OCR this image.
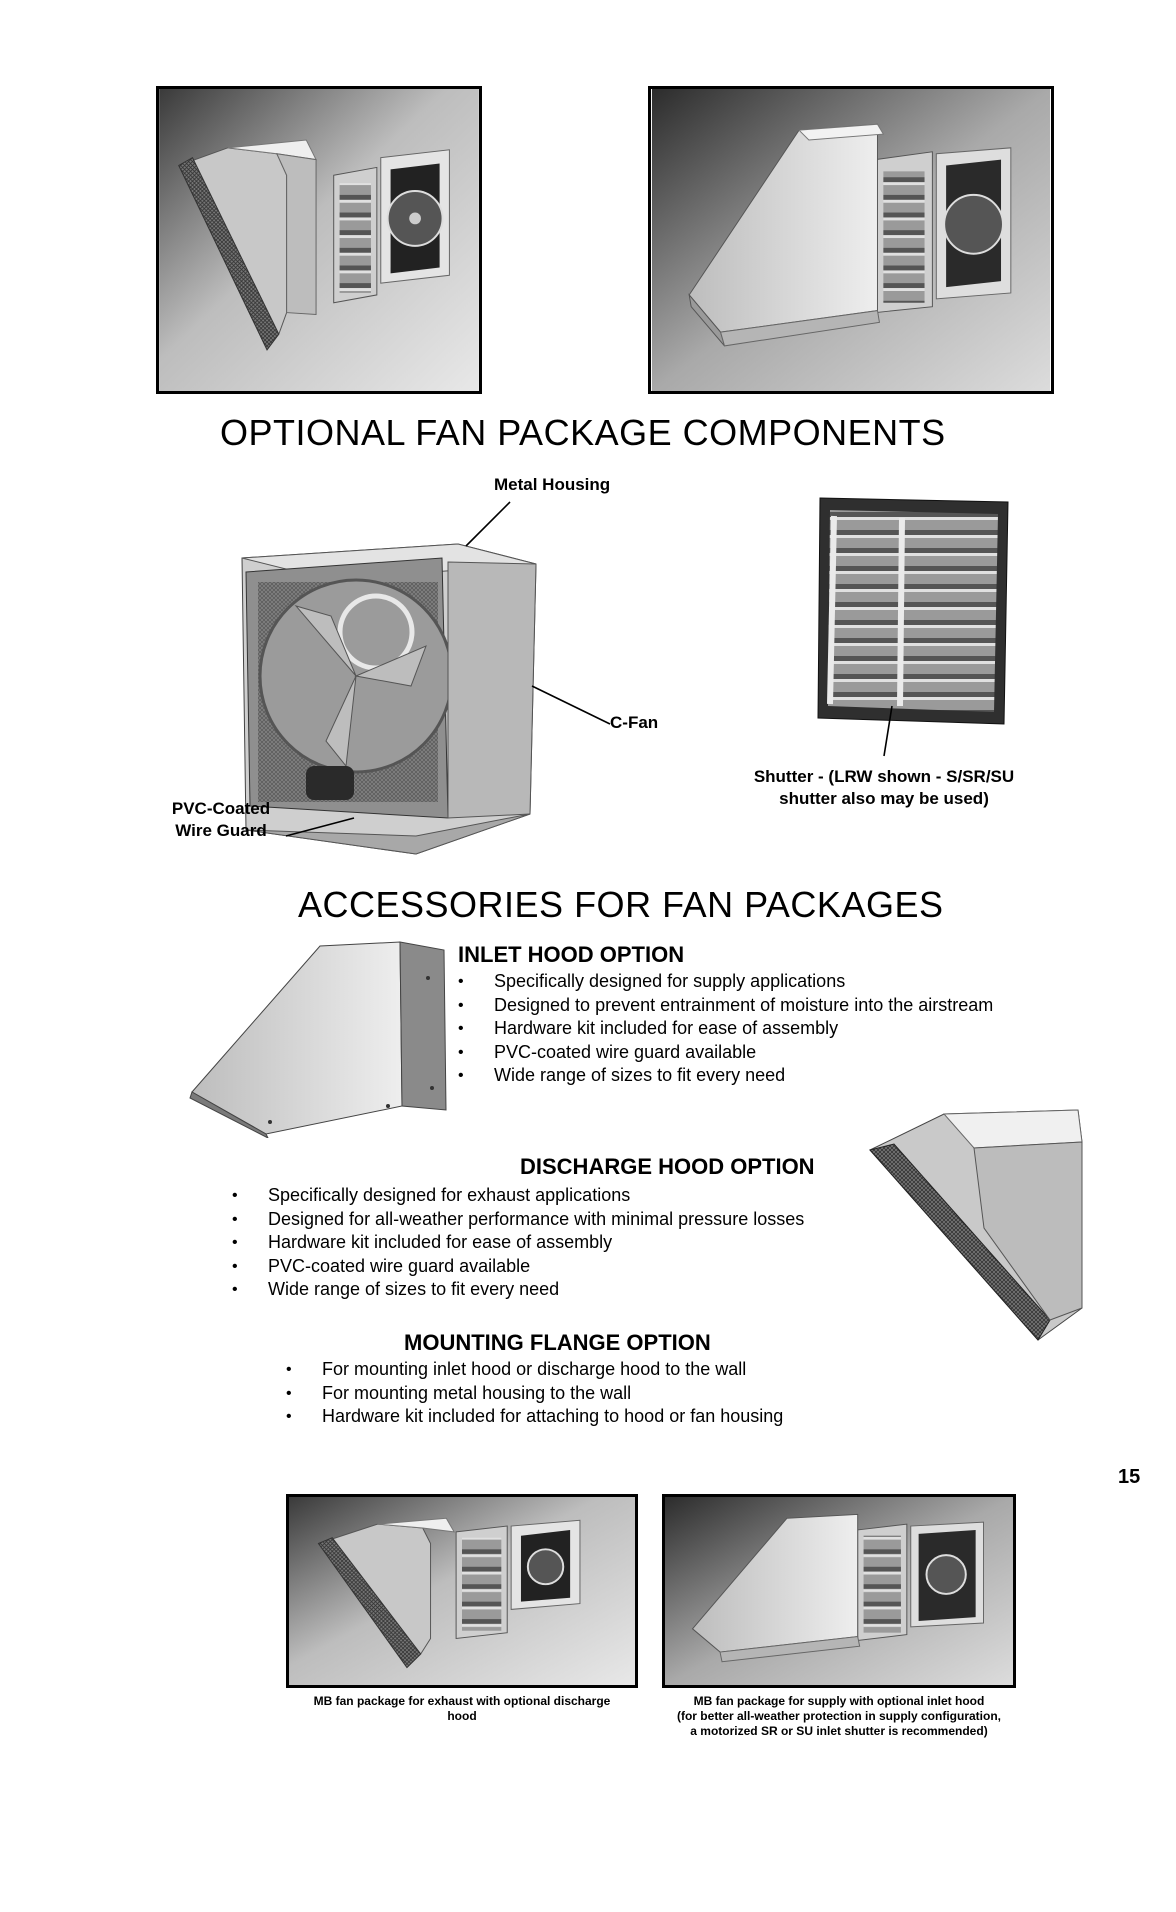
OPTIONAL FAN PACKAGE COMPONENTS
Metal Housing
C-Fan
PVC-Coated
Wire Guard
Shutter - (LRW shown - S/SR/SU
shutter also may be used)
ACCESSORIES FOR FAN PACKAGES
INLET HOOD OPTION
• Specifically designed for supply applications
• Designed to prevent entrainment of moisture into the airstream
• Hardware kit included for ease of assembly
• PVC-coated wire guard available
• Wide range of sizes to fit every need
DISCHARGE HOOD OPTION
• Specifically designed for exhaust applications
• Designed for all-weather performance with minimal pressure losses
• Hardware kit included for ease of assembly
• PVC-coated wire guard available
• Wide range of sizes to fit every need
MOUNTING FLANGE OPTION
• For mounting inlet hood or discharge hood to the wall
• For mounting metal housing to the wall
• Hardware kit included for attaching to hood or fan housing
15
MB fan package for exhaust with optional discharge
hood
MB fan package for supply with optional inlet hood
(for better all-weather protection in supply configuration,
a motorized SR or SU inlet shutter is recommended)
